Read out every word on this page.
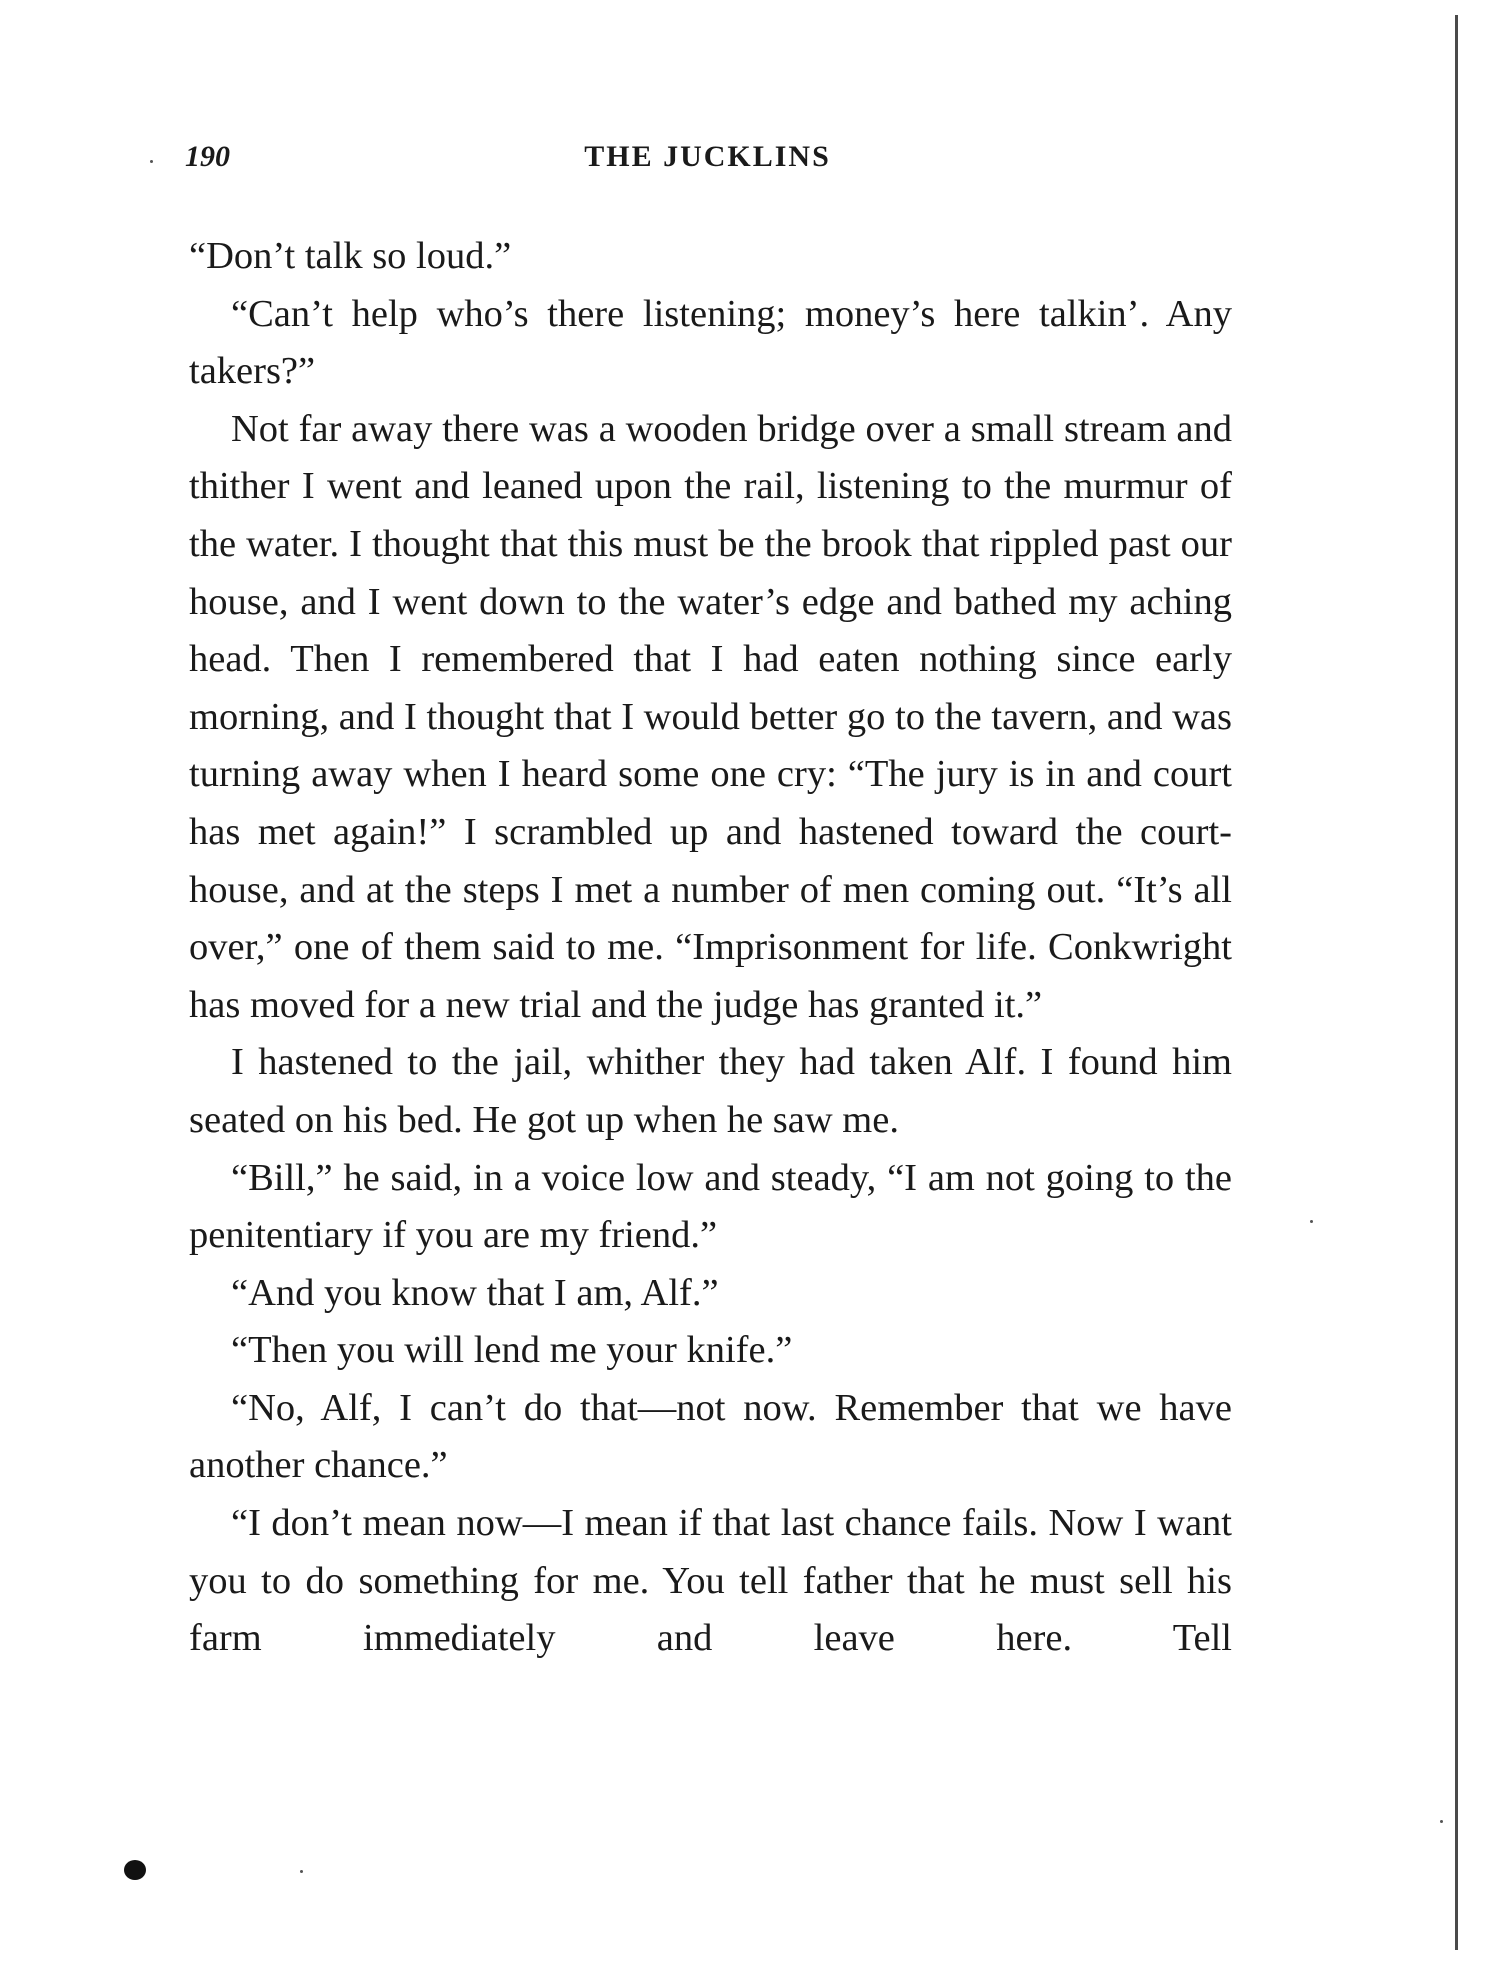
190	THE JUCKLINS

“Don’t talk so loud.”

“Can’t help who’s there listening; money’s here talkin’. Any takers?”

Not far away there was a wooden bridge over a small stream and thither I went and leaned upon the rail, listening to the murmur of the water. I thought that this must be the brook that rippled past our house, and I went down to the water’s edge and bathed my aching head. Then I remembered that I had eaten nothing since early morning, and I thought that I would better go to the tavern, and was turning away when I heard some one cry: “The jury is in and court has met again!” I scrambled up and hastened toward the court-house, and at the steps I met a number of men coming out. “It’s all over,” one of them said to me. “Imprisonment for life. Conkwright has moved for a new trial and the judge has granted it.”

I hastened to the jail, whither they had taken Alf. I found him seated on his bed. He got up when he saw me.

“Bill,” he said, in a voice low and steady, “I am not going to the penitentiary if you are my friend.”

“And you know that I am, Alf.”

“Then you will lend me your knife.”

“No, Alf, I can’t do that—not now. Remember that we have another chance.”

“I don’t mean now—I mean if that last chance fails. Now I want you to do something for me. You tell father that he must sell his farm immediately and leave here. Tell
